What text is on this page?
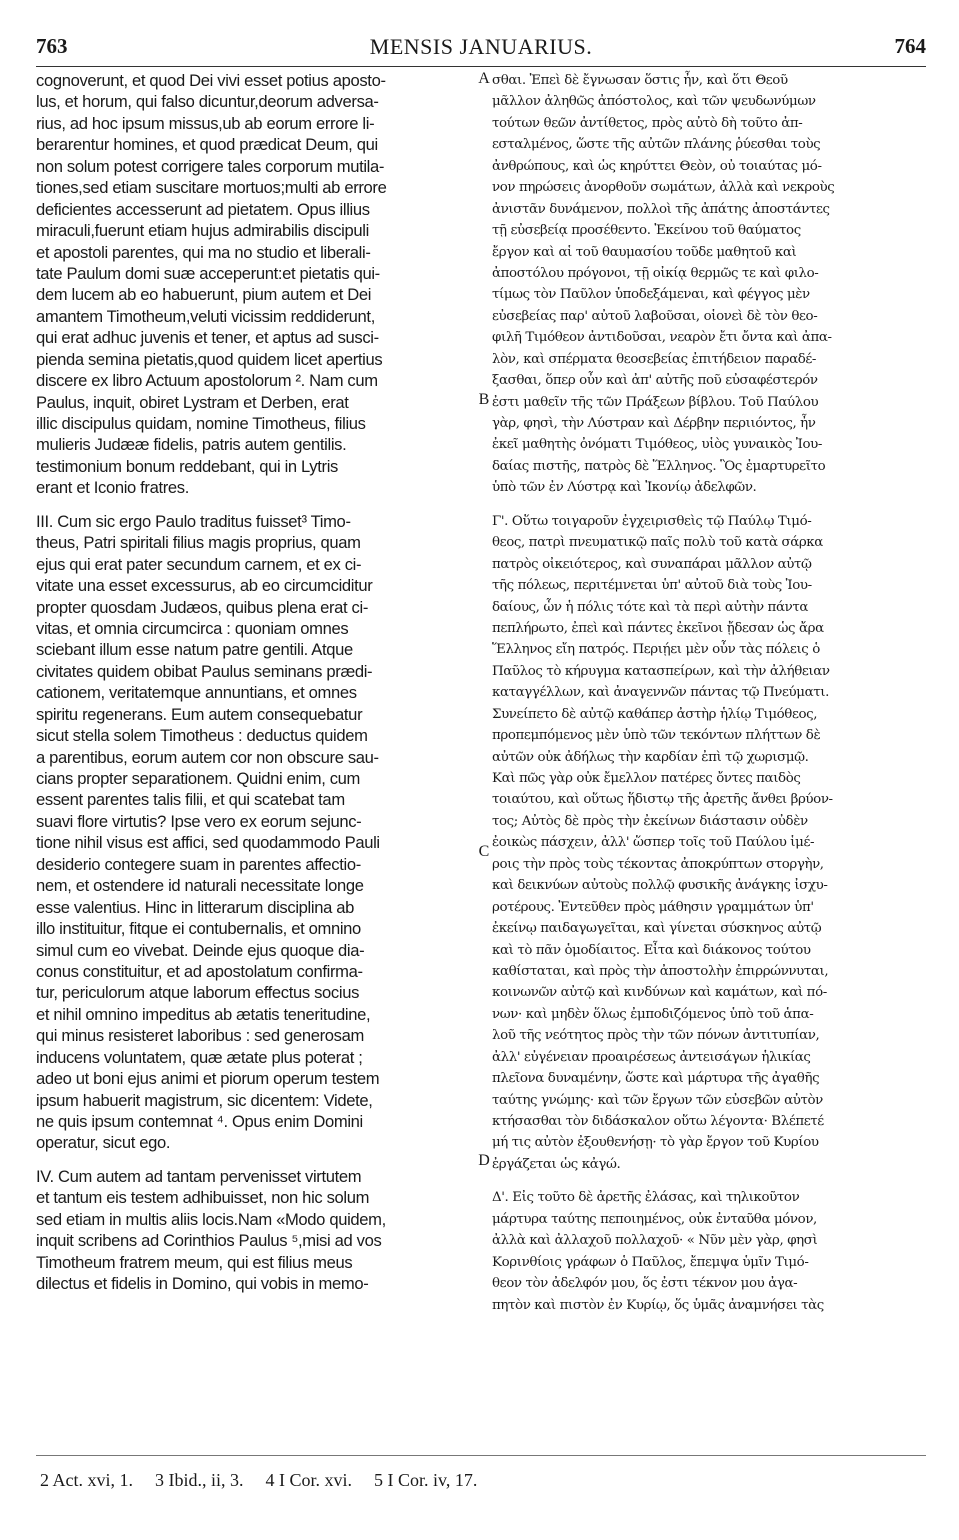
763	MENSIS JANUARIUS.	764
cognoverunt, et quod Dei vivi esset potius aposto-
lus, et horum, qui falso dicuntur,deorum adversa-
rius, ad hoc ipsum missus,ub ab eorum errore li-
berarentur homines, et quod prædicat Deum, qui
non solum potest corrigere tales corporum mutila-
tiones,sed etiam suscitare mortuos;multi ab errore
deficientes accesserunt ad pietatem. Opus illius
miraculi,fuerunt etiam hujus admirabilis discipuli
et apostoli parentes, qui ma no studio et liberali-
tate Paulum domi suæ acceperunt:et pietatis qui-
dem lucem ab eo habuerunt, pium autem et Dei
amantem Timotheum,veluti vicissim reddiderunt,
qui erat adhuc juvenis et tener, et aptus ad susci-
pienda semina pietatis,quod quidem licet apertius
discere ex libro Actuum apostolorum ². Nam cum
Paulus, inquit, obiret Lystram et Derben, erat
illic discipulus quidam, nomine Timotheus, filius
mulieris Judææ fidelis, patris autem gentilis.
testimonium bonum reddebant, qui in Lytris
erant et Iconio fratres.
III. Cum sic ergo Paulo traditus fuisset³ Timo-
theus, Patri spiritali filius magis proprius, quam
ejus qui erat pater secundum carnem, et ex ci-
vitate una esset excessurus, ab eo circumciditur
propter quosdam Judæos, quibus plena erat ci-
vitas, et omnia circumcirca : quoniam omnes
sciebant illum esse natum patre gentili. Atque
civitates quidem obibat Paulus seminans prædi-
cationem, veritatemque annuntians, et omnes
spiritu regenerans. Eum autem consequebatur
sicut stella solem Timotheus : deductus quidem
a parentibus, eorum autem cor non obscure sau-
cians propter separationem. Quidni enim, cum
essent parentes talis filii, et qui scatebat tam
suavi flore virtutis? Ipse vero ex eorum sejunc-
tione nihil visus est affici, sed quodammodo Pauli
desiderio contegere suam in parentes affectio-
nem, et ostendere id naturali necessitate longe
esse valentius. Hinc in litterarum disciplina ab
illo instituitur, fitque ei contubernalis, et omnino
simul cum eo vivebat. Deinde ejus quoque dia-
conus constituitur, et ad apostolatum confirma-
tur, periculorum atque laborum effectus socius
et nihil omnino impeditus ab ætatis teneritudine,
qui minus resisteret laboribus : sed generosam
inducens voluntatem, quæ ætate plus poterat ;
adeo ut boni ejus animi et piorum operum testem
ipsum habuerit magistrum, sic dicentem: Videte,
ne quis ipsum contemnat ⁴. Opus enim Domini
operatur, sicut ego.
IV. Cum autem ad tantam pervenisset virtutem
et tantum eis testem adhibuisset, non hic solum
sed etiam in multis aliis locis.Nam «Modo quidem,
inquit scribens ad Corinthios Paulus ⁵,misi ad vos
Timotheum fratrem meum, qui est filius meus
dilectus et fidelis in Domino, qui vobis in memo-
A
B
C
D
σθαι. Ἐπεὶ δὲ ἔγνωσαν ὅστις ἦν, καὶ ὅτι Θεοῦ
μᾶλλον ἀληθῶς ἀπόστολος, καὶ τῶν ψευδωνύμων
τούτων θεῶν ἀντίθετος, πρὸς αὐτὸ δὴ τοῦτο ἀπ-
εσταλμένος, ὥστε τῆς αὐτῶν πλάνης ῥύεσθαι τοὺς
ἀνθρώπους, καὶ ὡς κηρύττει Θεὸν, οὐ τοιαύτας μό-
νον πηρώσεις ἀνορθοῦν σωμάτων, ἀλλὰ καὶ νεκροὺς
ἀνιστᾶν δυνάμενον, πολλοὶ τῆς ἀπάτης ἀποστάντες
τῇ εὐσεβείᾳ προσέθεντο. Ἐκείνου τοῦ θαύματος
ἔργον καὶ αἱ τοῦ θαυμασίου τοῦδε μαθητοῦ καὶ
ἀποστόλου πρόγονοι, τῇ οἰκίᾳ θερμῶς τε καὶ φιλο-
τίμως τὸν Παῦλον ὑποδεξάμεναι, καὶ φέγγος μὲν
εὐσεβείας παρ' αὐτοῦ λαβοῦσαι, οἱονεὶ δὲ τὸν θεο-
φιλῆ Τιμόθεον ἀντιδοῦσαι, νεαρὸν ἔτι ὄντα καὶ ἀπα-
λὸν, καὶ σπέρματα θεοσεβείας ἐπιτήδειον παραδέ-
ξασθαι, ὅπερ οὖν καὶ ἀπ' αὐτῆς ποῦ εὐσαφέστερόν
ἐστι μαθεῖν τῆς τῶν Πράξεων βίβλου. Τοῦ Παύλου
γὰρ, φησὶ, τὴν Λύστραν καὶ Δέρβην περιιόντος, ἦν
ἐκεῖ μαθητὴς ὀνόματι Τιμόθεος, υἱὸς γυναικὸς Ἰου-
δαίας πιστῆς, πατρὸς δὲ Ἕλληνος. Ὃς ἐμαρτυρεῖτο
ὑπὸ τῶν ἐν Λύστρᾳ καὶ Ἰκονίῳ ἀδελφῶν.
Γ'. Οὕτω τοιγαροῦν ἐγχειρισθεὶς τῷ Παύλῳ Τιμό-
θεος, πατρὶ πνευματικῷ παῖς πολὺ τοῦ κατὰ σάρκα
πατρὸς οἰκειότερος, καὶ συναπάραι μᾶλλον αὐτῷ
τῆς πόλεως, περιτέμνεται ὑπ' αὐτοῦ διὰ τοὺς Ἰου-
δαίους, ὧν ἡ πόλις τότε καὶ τὰ περὶ αὐτὴν πάντα
πεπλήρωτο, ἐπεὶ καὶ πάντες ἐκεῖνοι ᾔδεσαν ὡς ἄρα
Ἕλληνος εἴη πατρός. Περιῄει μὲν οὖν τὰς πόλεις ὁ
Παῦλος τὸ κήρυγμα κατασπείρων, καὶ τὴν ἀλήθειαν
καταγγέλλων, καὶ ἀναγεννῶν πάντας τῷ Πνεύματι.
Συνείπετο δὲ αὐτῷ καθάπερ ἀστὴρ ἡλίῳ Τιμόθεος,
προπεμπόμενος μὲν ὑπὸ τῶν τεκόντων πλήττων δὲ
αὐτῶν οὐκ ἀδήλως τὴν καρδίαν ἐπὶ τῷ χωρισμῷ.
Καὶ πῶς γὰρ οὐκ ἔμελλον πατέρες ὄντες παιδὸς
τοιαύτου, καὶ οὕτως ἥδιστῳ τῆς ἀρετῆς ἄνθει βρύον-
τος; Αὐτὸς δὲ πρὸς τὴν ἐκείνων διάστασιν οὐδὲν
ἐοικὼς πάσχειν, ἀλλ' ὥσπερ τοῖς τοῦ Παύλου ἱμέ-
ροις τὴν πρὸς τοὺς τέκοντας ἀποκρύπτων στοργὴν,
καὶ δεικνύων αὐτοὺς πολλῷ φυσικῆς ἀνάγκης ἰσχυ-
ροτέρους. Ἐντεῦθεν πρὸς μάθησιν γραμμάτων ὑπ'
ἐκείνῳ παιδαγωγεῖται, καὶ γίνεται σύσκηνος αὐτῷ
καὶ τὸ πᾶν ὁμοδίαιτος. Εἶτα καὶ διάκονος τούτου
καθίσταται, καὶ πρὸς τὴν ἀποστολὴν ἐπιρρώννυται,
κοινωνῶν αὐτῷ καὶ κινδύνων καὶ καμάτων, καὶ πό-
νων· καὶ μηδὲν ὅλως ἐμποδιζόμενος ὑπὸ τοῦ ἁπα-
λοῦ τῆς νεότητος πρὸς τὴν τῶν πόνων ἀντιτυπίαν,
ἀλλ' εὐγένειαν προαιρέσεως ἀντεισάγων ἡλικίας
πλεῖονα δυναμένην, ὥστε καὶ μάρτυρα τῆς ἀγαθῆς
ταύτης γνώμης· καὶ τῶν ἔργων τῶν εὐσεβῶν αὐτὸν
κτήσασθαι τὸν διδάσκαλον οὕτω λέγοντα· Βλέπετέ
μή τις αὐτὸν ἐξουθενήσῃ· τὸ γὰρ ἔργον τοῦ Κυρίου
ἐργάζεται ὡς κἀγώ.
Δ'. Εἰς τοῦτο δὲ ἀρετῆς ἐλάσας, καὶ τηλικοῦτον
μάρτυρα ταύτης πεποιημένος, οὐκ ἐνταῦθα μόνον,
ἀλλὰ καὶ ἀλλαχοῦ πολλαχοῦ· « Νῦν μὲν γὰρ, φησὶ
Κορινθίοις γράφων ὁ Παῦλος, ἔπεμψα ὑμῖν Τιμό-
θεον τὸν ἀδελφόν μου, ὅς ἐστι τέκνον μου ἀγα-
πητὸν καὶ πιστὸν ἐν Κυρίῳ, ὅς ὑμᾶς ἀναμνήσει τὰς
2 Act. xvi, 1. 3 Ibid., ii, 3. 4 I Cor. xvi. 5 I Cor. iv, 17.
